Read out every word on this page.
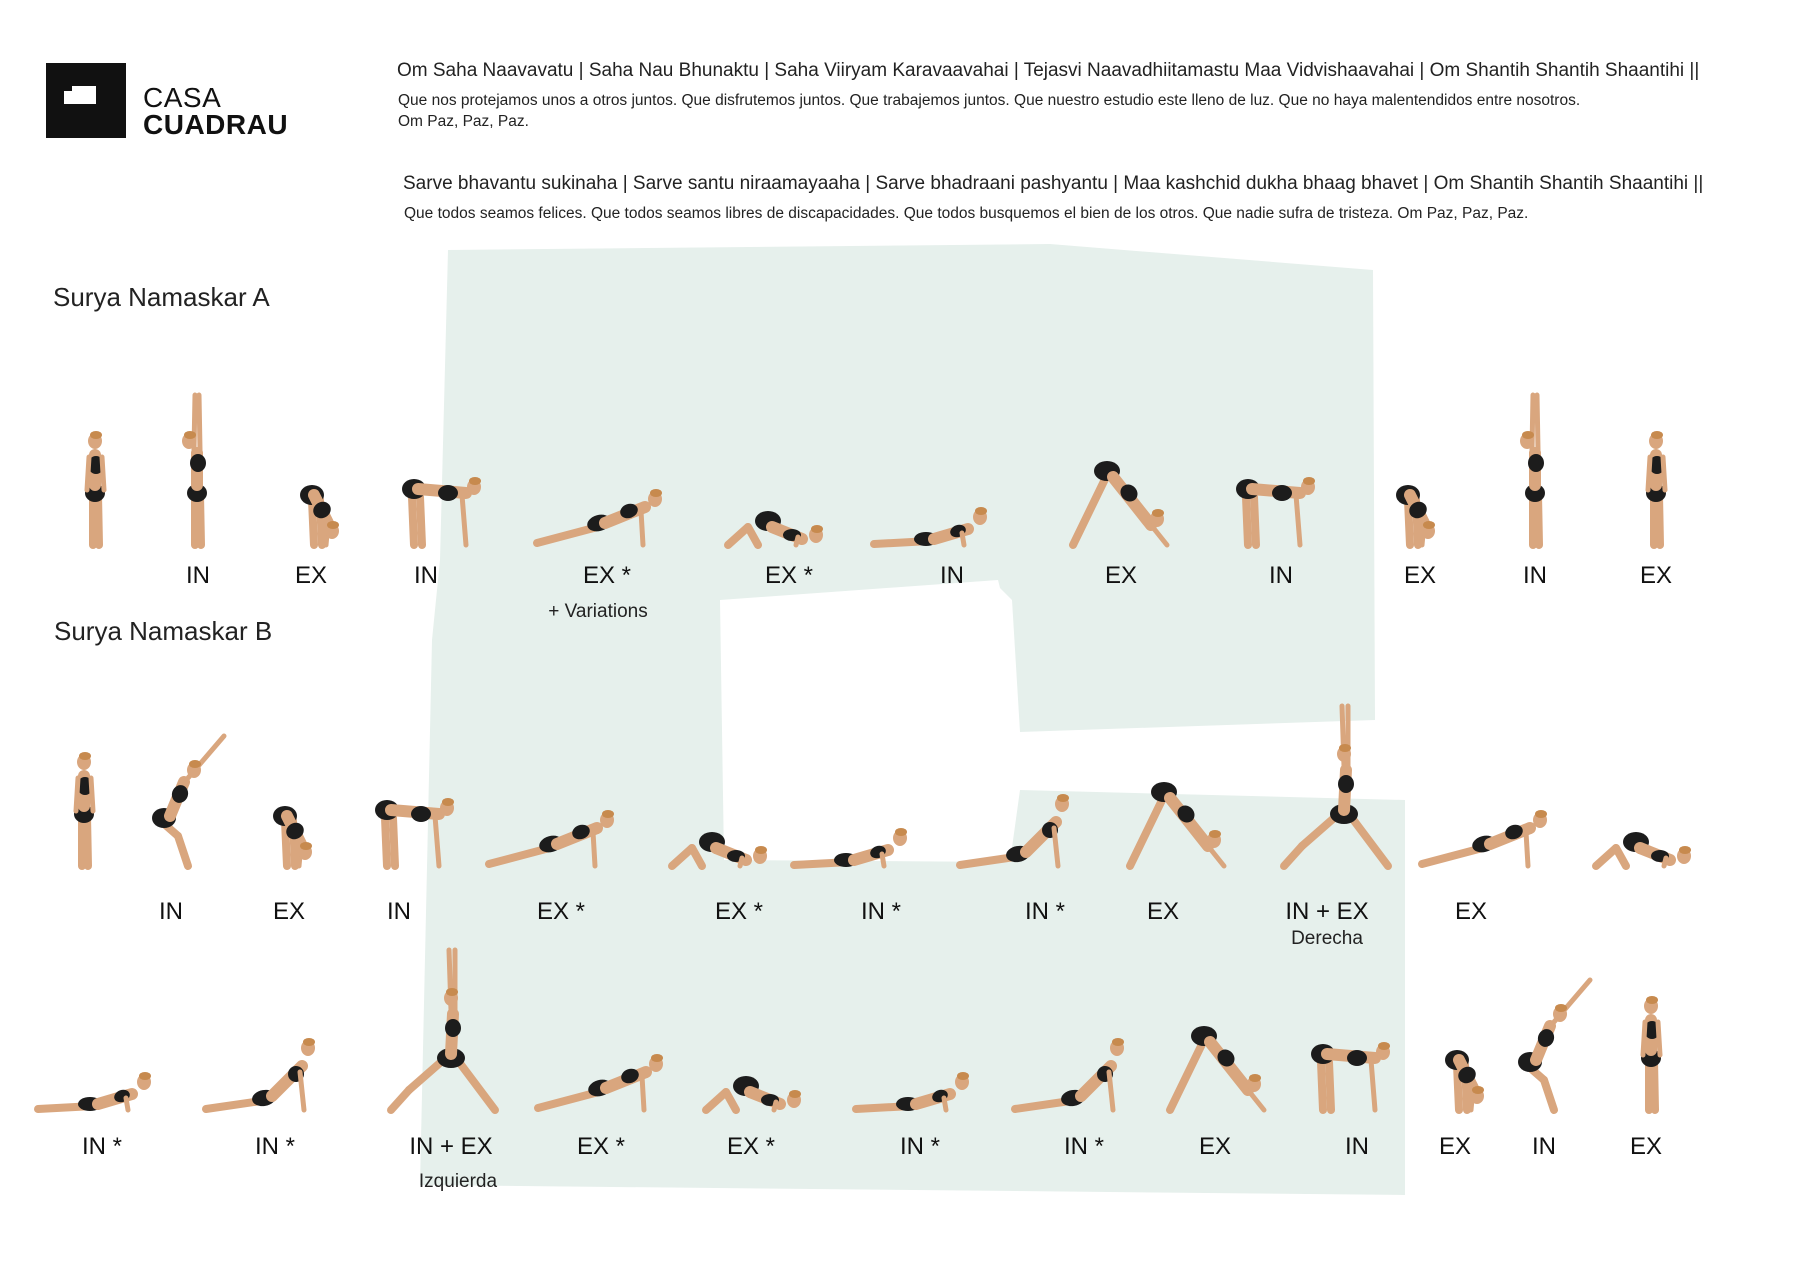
CASA
CUADRAU
Om Saha Naavavatu | Saha Nau Bhunaktu | Saha Viiryam Karavaavahai | Tejasvi Naavadhiitamastu Maa Vidvishaavahai | Om Shantih Shantih Shaantihi ||
Que nos protejamos unos a otros juntos. Que disfrutemos juntos. Que trabajemos juntos. Que nuestro estudio este lleno de luz. Que no haya malentendidos entre nosotros.
Om Paz, Paz, Paz.
Sarve bhavantu sukinaha | Sarve santu niraamayaaha | Sarve bhadraani pashyantu | Maa kashchid dukha bhaag bhavet | Om Shantih Shantih Shaantihi ||
Que todos seamos felices. Que todos seamos libres de discapacidades. Que todos busquemos el bien de los otros. Que nadie sufra de tristeza. Om Paz, Paz, Paz.
Surya Namaskar A
Surya Namaskar B
IN	EX	IN	EX *	EX *	IN	EX	IN	EX	IN	EX
IN	EX	IN	EX *	EX *	IN *	IN *	EX	IN + EX	EX
IN *	IN *	IN + EX	EX *	EX *	IN *	IN *	EX	IN	EX	IN	EX
+ Variations
Derecha
Izquierda
